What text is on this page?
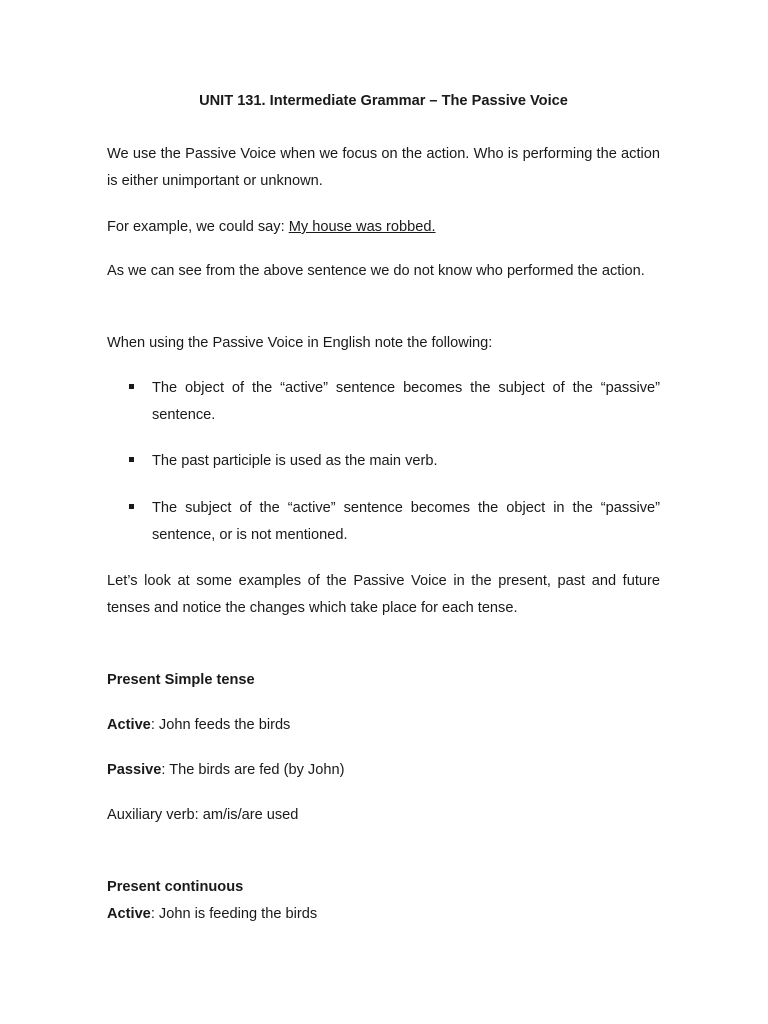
UNIT 131. Intermediate Grammar – The Passive Voice

We use the Passive Voice when we focus on the action. Who is performing the action is either unimportant or unknown.

For example, we could say: My house was robbed.

As we can see from the above sentence we do not know who performed the action.

When using the Passive Voice in English note the following:

The object of the “active” sentence becomes the subject of the “passive” sentence.
The past participle is used as the main verb.
The subject of the “active” sentence becomes the object in the “passive” sentence, or is not mentioned.

Let’s look at some examples of the Passive Voice in the present, past and future tenses and notice the changes which take place for each tense.

Present Simple tense
Active: John feeds the birds
Passive: The birds are fed (by John)
Auxiliary verb: am/is/are used
Present continuous
Active: John is feeding the birds
